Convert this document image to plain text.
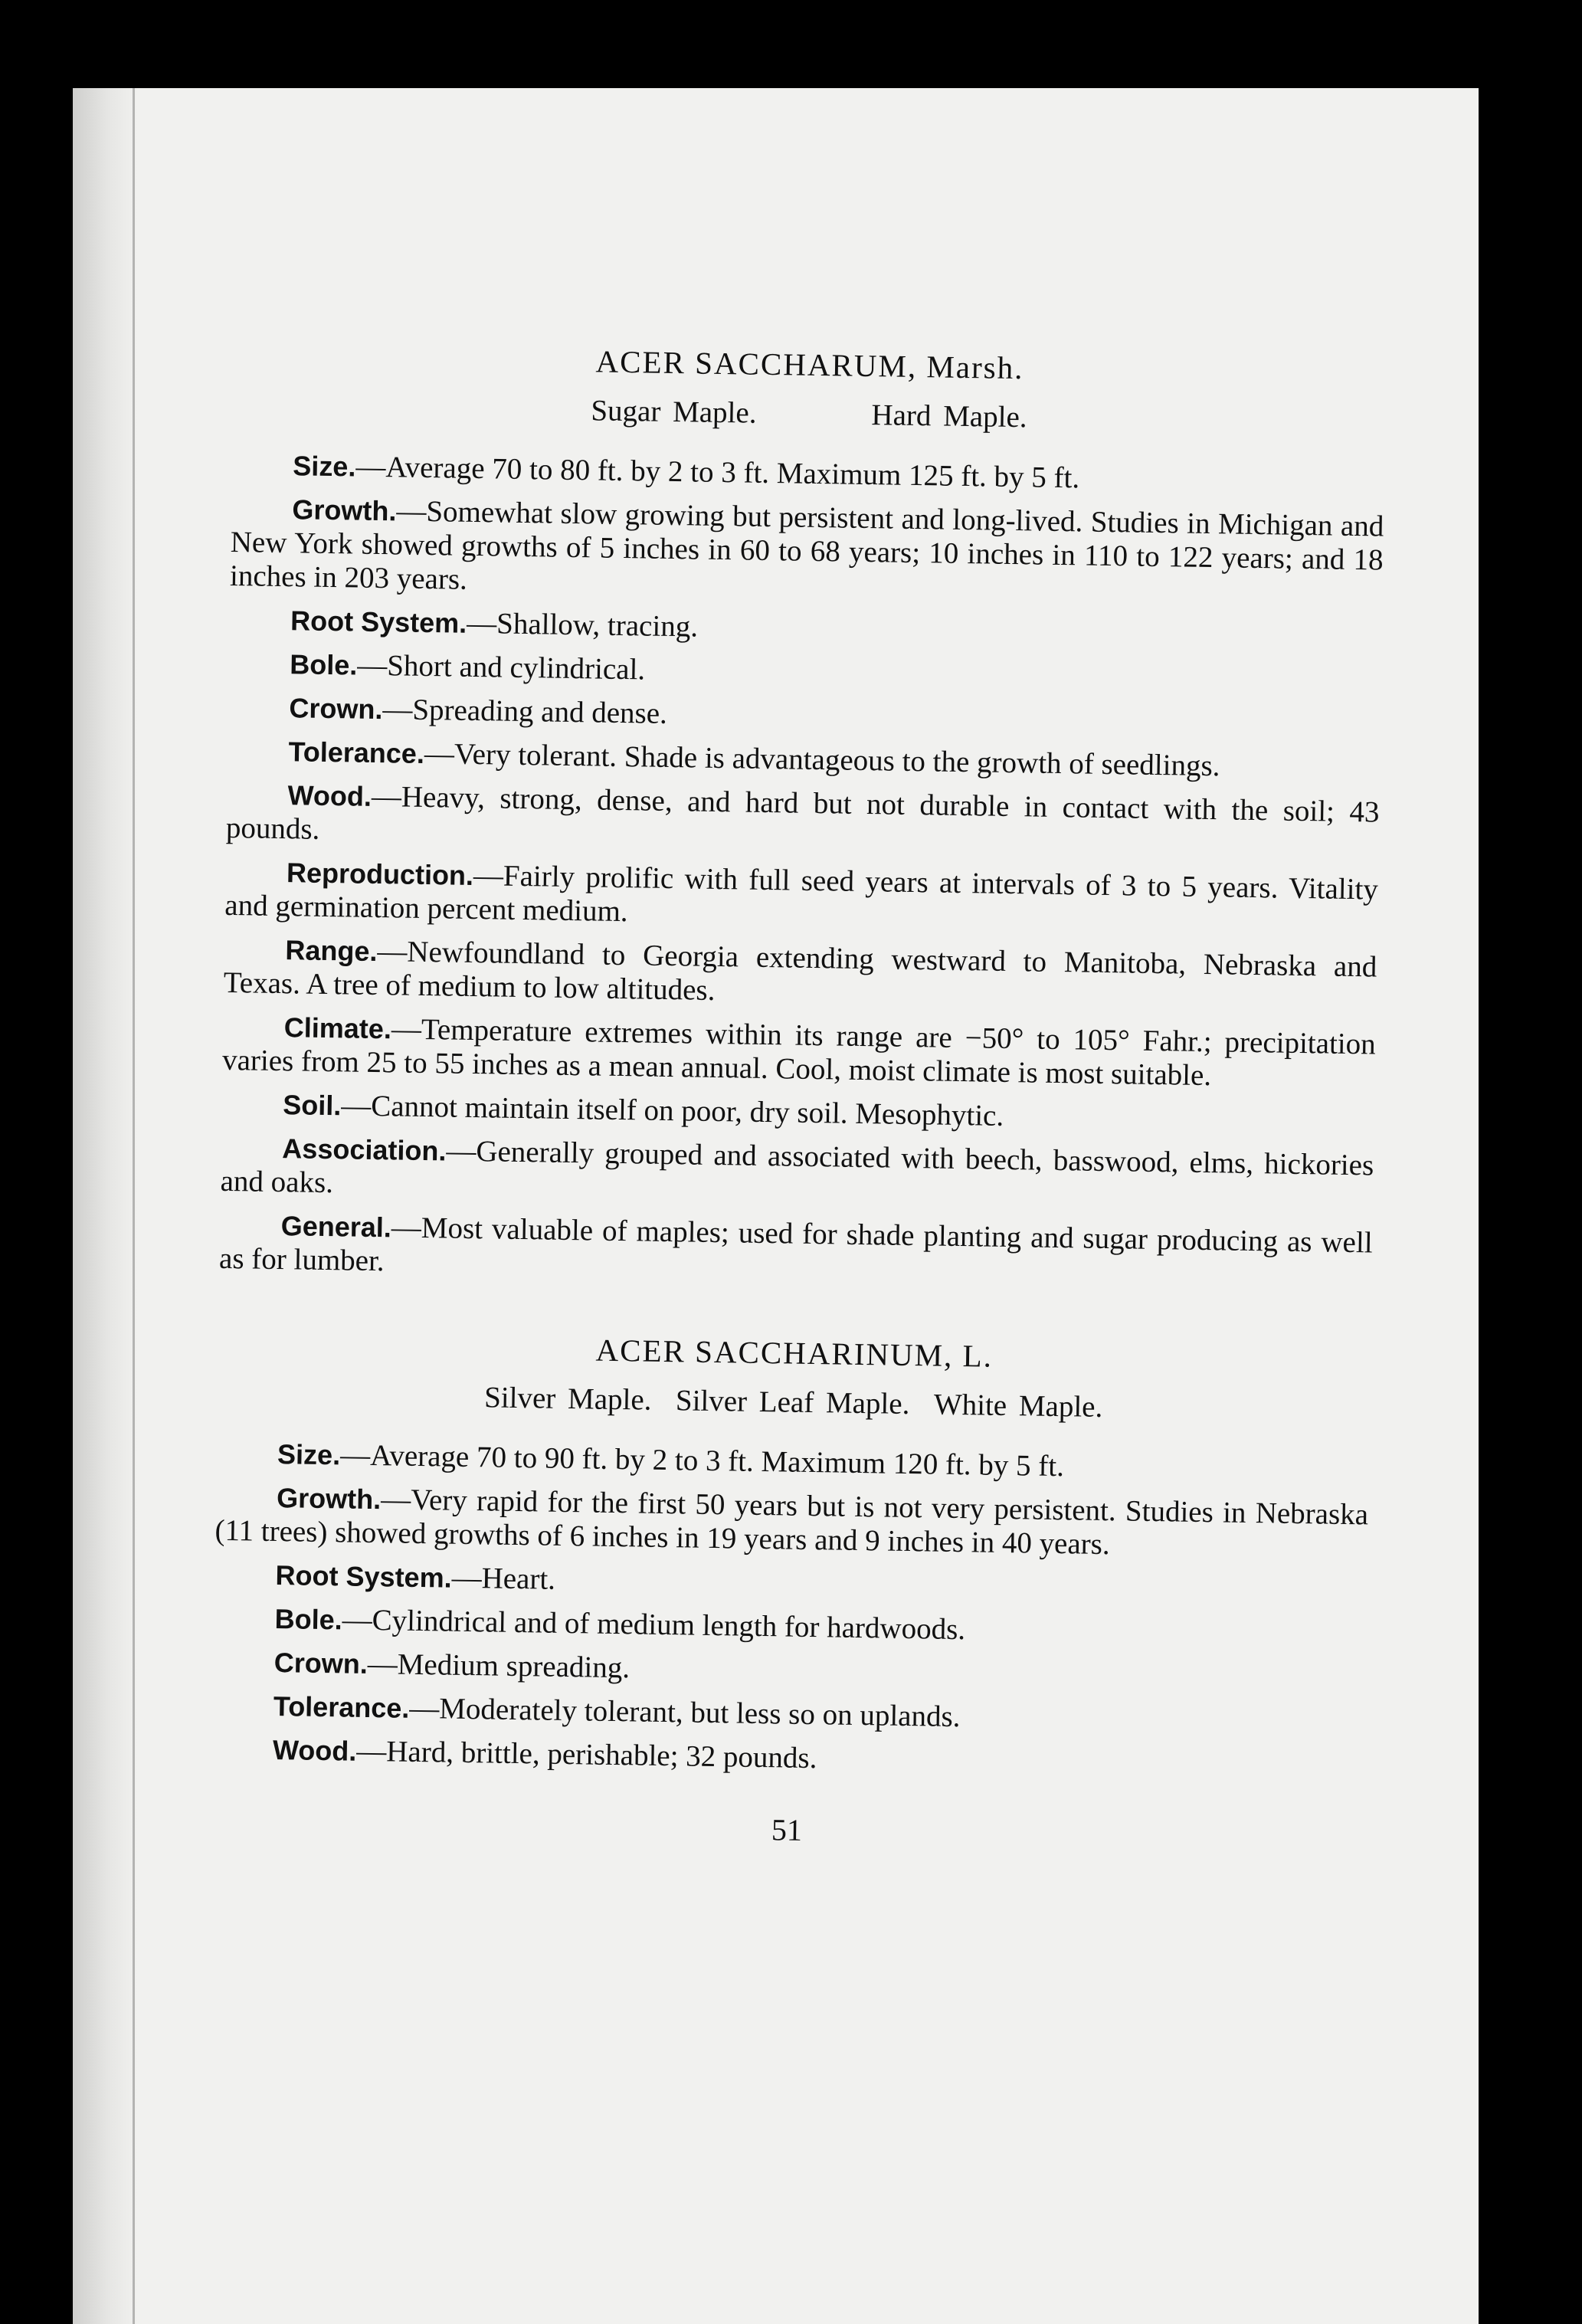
ACER SACCHARUM, Marsh.
Sugar Maple.	Hard Maple.

Size.—Average 70 to 80 ft. by 2 to 3 ft. Maximum 125 ft. by 5 ft.

Growth.—Somewhat slow growing but persistent and long-lived. Studies in Michigan and New York showed growths of 5 inches in 60 to 68 years; 10 inches in 110 to 122 years; and 18 inches in 203 years.

Root System.—Shallow, tracing.

Bole.—Short and cylindrical.

Crown.—Spreading and dense.

Tolerance.—Very tolerant. Shade is advantageous to the growth of seedlings.

Wood.—Heavy, strong, dense, and hard but not durable in contact with the soil; 43 pounds.

Reproduction.—Fairly prolific with full seed years at intervals of 3 to 5 years. Vitality and germination percent medium.

Range.—Newfoundland to Georgia extending westward to Manitoba, Nebraska and Texas. A tree of medium to low altitudes.

Climate.—Temperature extremes within its range are −50° to 105° Fahr.; precipitation varies from 25 to 55 inches as a mean annual. Cool, moist climate is most suitable.

Soil.—Cannot maintain itself on poor, dry soil. Mesophytic.

Association.—Generally grouped and associated with beech, basswood, elms, hickories and oaks.

General.—Most valuable of maples; used for shade planting and sugar producing as well as for lumber.

ACER SACCHARINUM, L.
Silver Maple. Silver Leaf Maple. White Maple.

Size.—Average 70 to 90 ft. by 2 to 3 ft. Maximum 120 ft. by 5 ft.

Growth.—Very rapid for the first 50 years but is not very persistent. Studies in Nebraska (11 trees) showed growths of 6 inches in 19 years and 9 inches in 40 years.

Root System.—Heart.

Bole.—Cylindrical and of medium length for hardwoods.

Crown.—Medium spreading.

Tolerance.—Moderately tolerant, but less so on uplands.

Wood.—Hard, brittle, perishable; 32 pounds.

51
